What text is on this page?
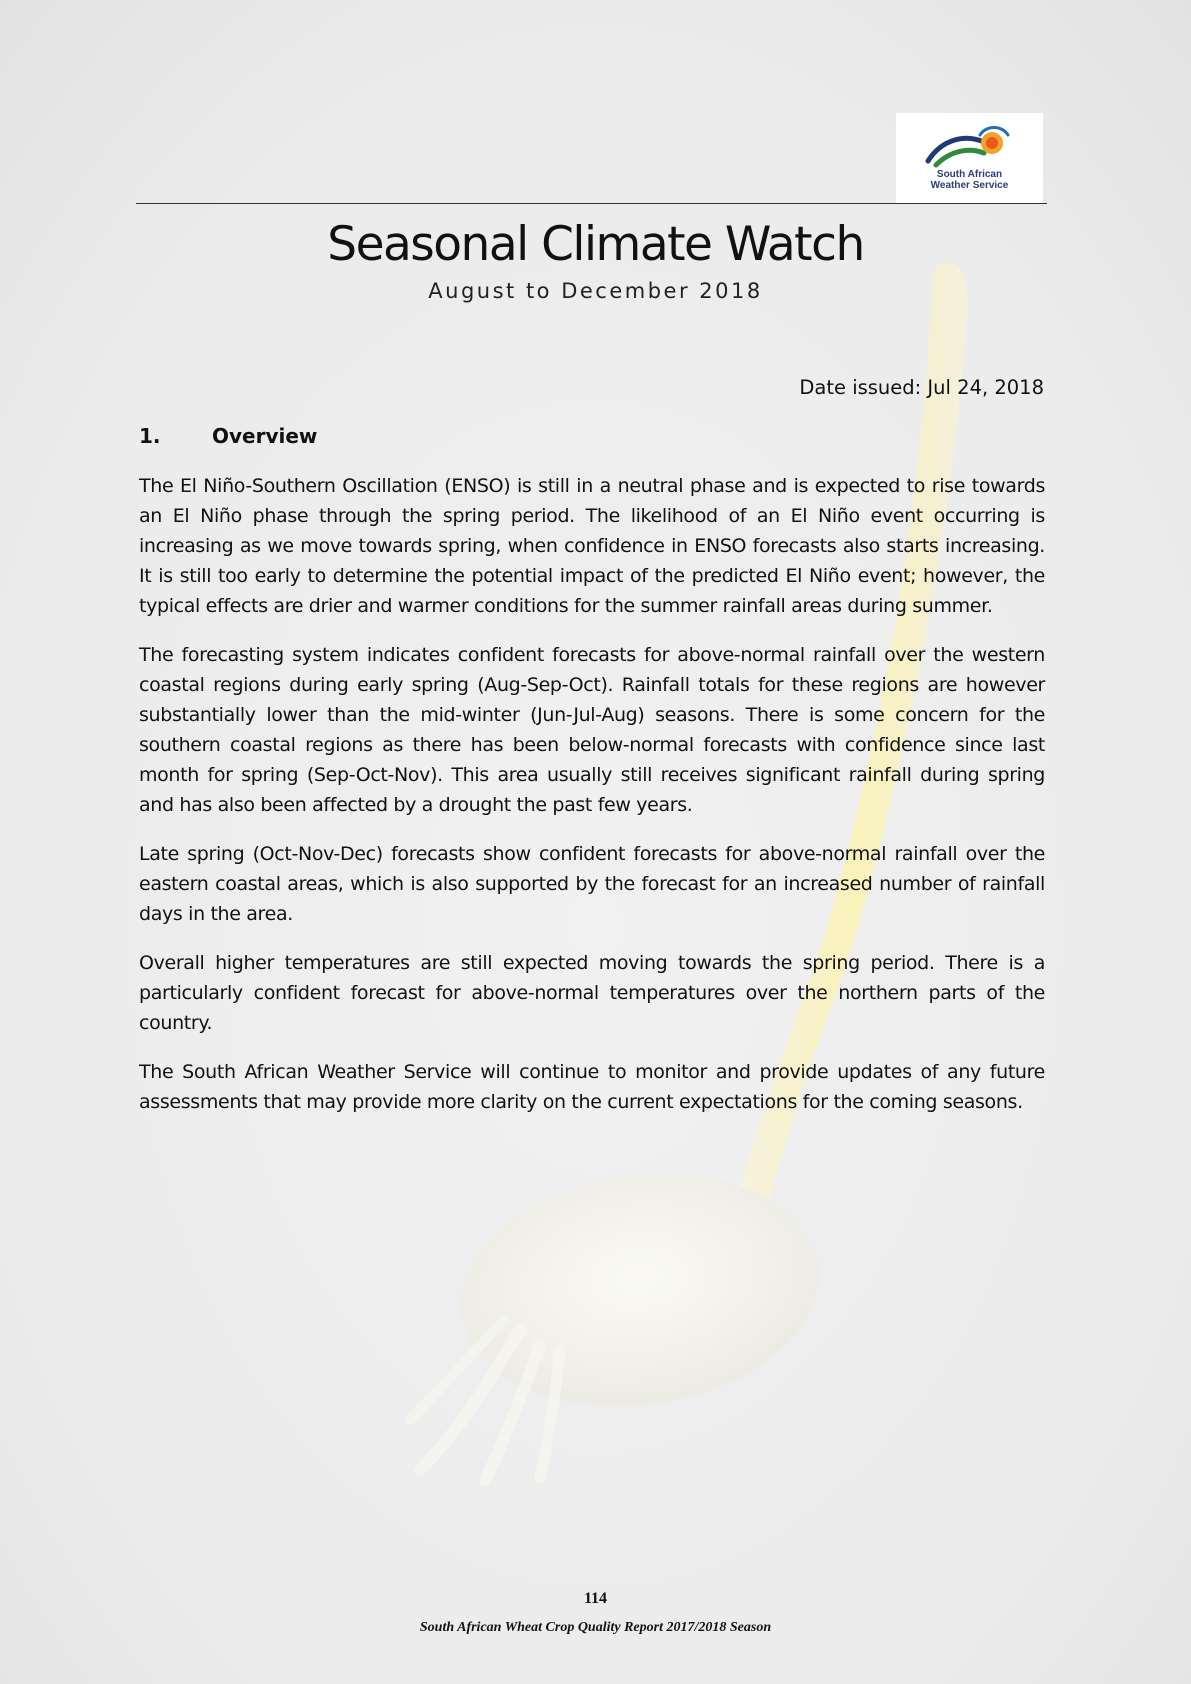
South African
Weather Service
Seasonal Climate Watch
August to December 2018
Date issued: Jul 24, 2018
1.	Overview

The El Niño-Southern Oscillation (ENSO) is still in a neutral phase and is expected to rise towards an El Niño phase through the spring period. The likelihood of an El Niño event occurring is increasing as we move towards spring, when confidence in ENSO forecasts also starts increasing. It is still too early to determine the potential impact of the predicted El Niño event; however, the typical effects are drier and warmer conditions for the summer rainfall areas during summer.

The forecasting system indicates confident forecasts for above-normal rainfall over the western coastal regions during early spring (Aug-Sep-Oct). Rainfall totals for these regions are however substantially lower than the mid-winter (Jun-Jul-Aug) seasons. There is some concern for the southern coastal regions as there has been below-normal forecasts with confidence since last month for spring (Sep-Oct-Nov). This area usually still receives significant rainfall during spring and has also been affected by a drought the past few years.

Late spring (Oct-Nov-Dec) forecasts show confident forecasts for above-normal rainfall over the eastern coastal areas, which is also supported by the forecast for an increased number of rainfall days in the area.

Overall higher temperatures are still expected moving towards the spring period. There is a particularly confident forecast for above-normal temperatures over the northern parts of the country.

The South African Weather Service will continue to monitor and provide updates of any future assessments that may provide more clarity on the current expectations for the coming seasons.

114
South African Wheat Crop Quality Report 2017/2018 Season
